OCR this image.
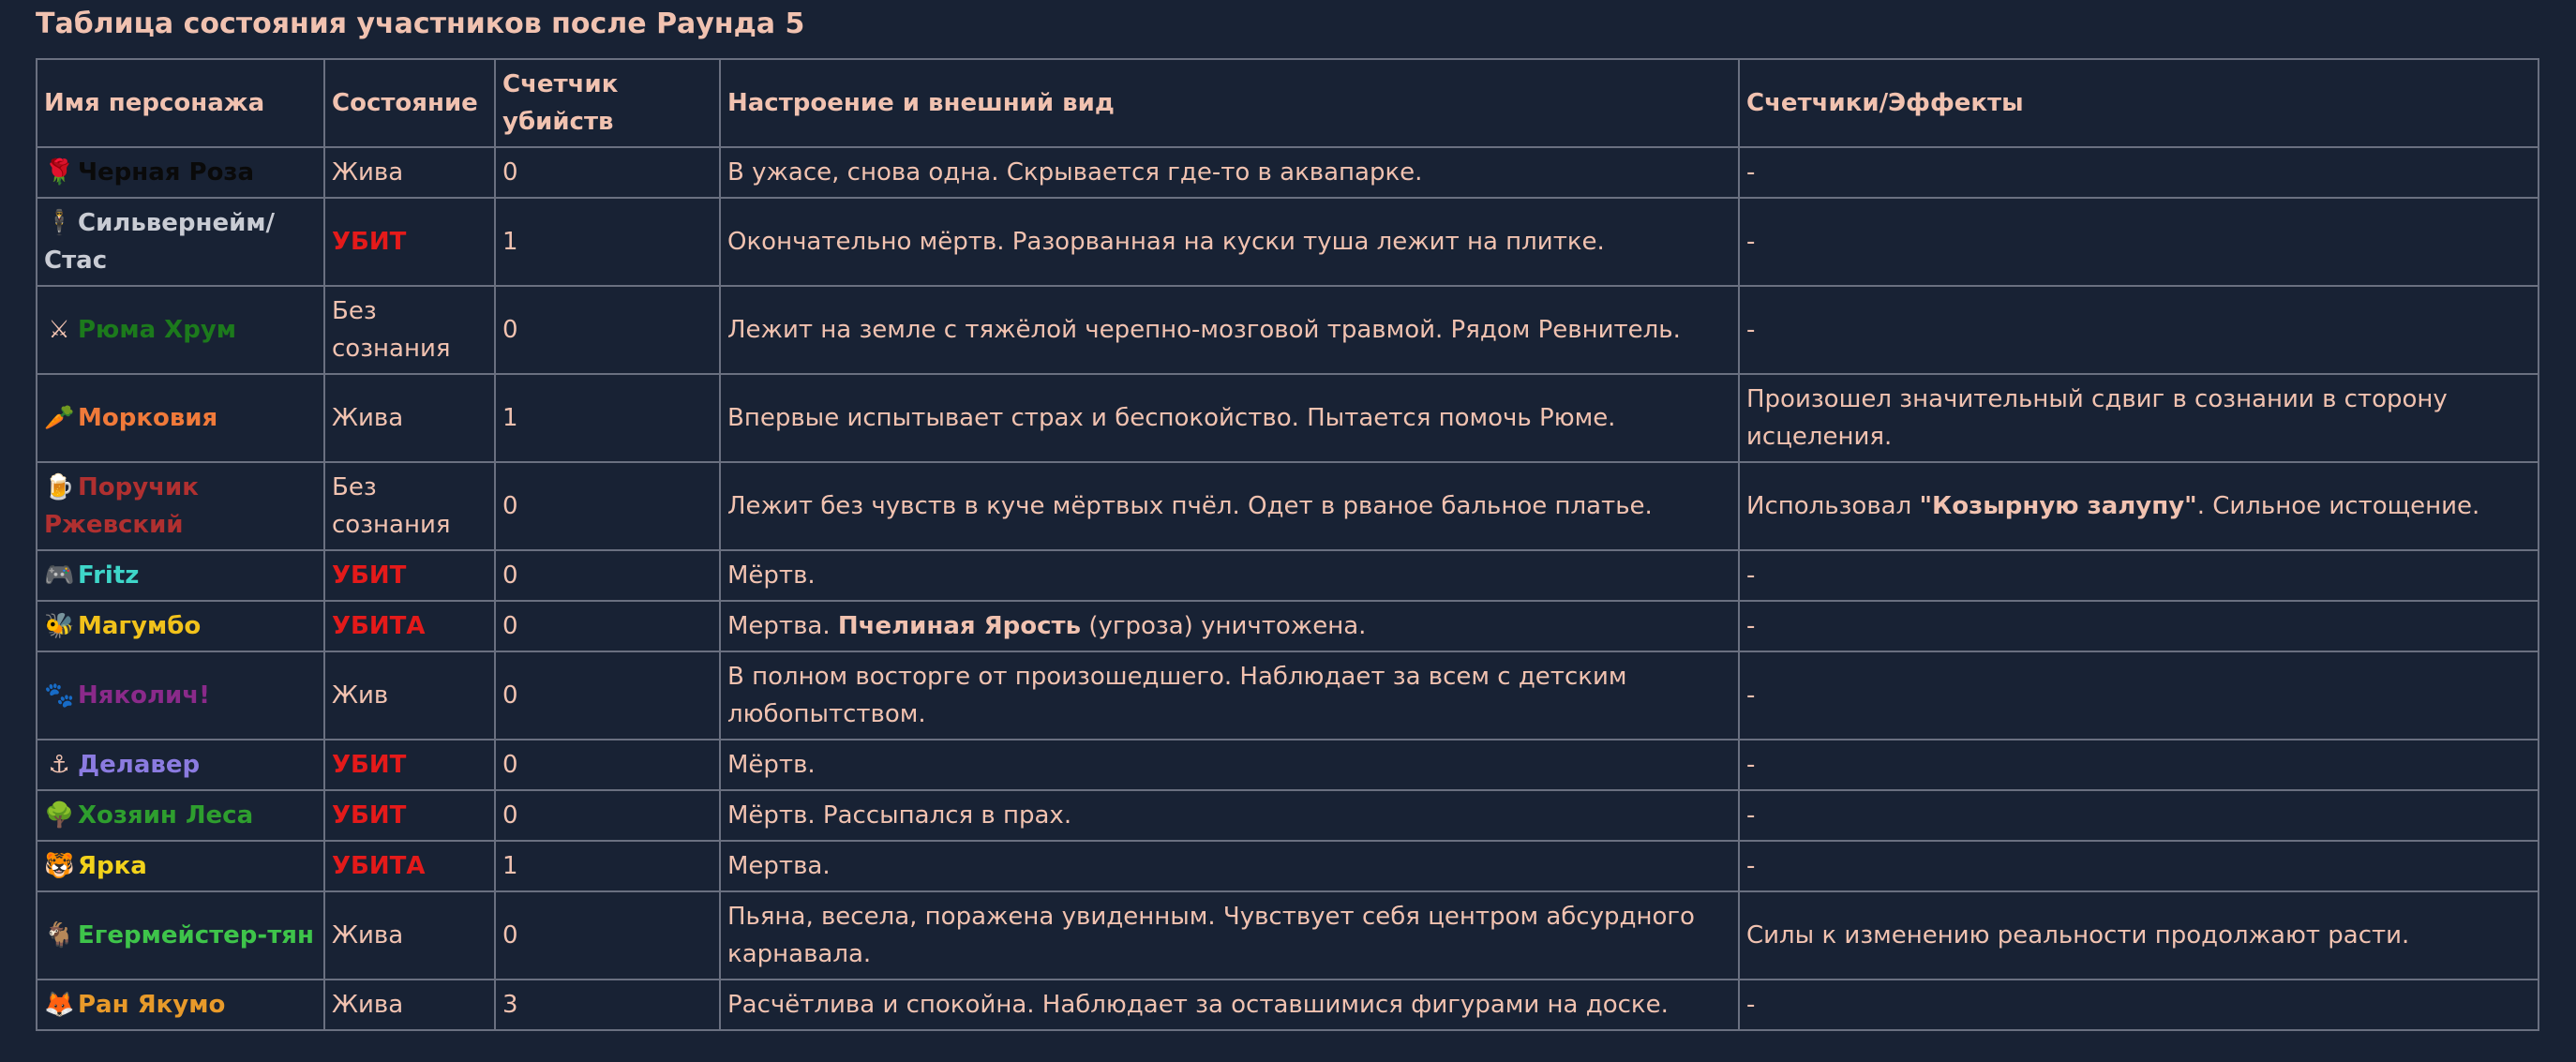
Таблица состояния участников после Раунда 5
Имя персонажа	Состояние	Счетчик убийств	Настроение и внешний вид	Счетчики/Эффекты
🌹 Черная Роза	Жива	0	В ужасе, снова одна. Скрывается где-то в аквапарке.	-
🕴 Сильвернейм/ Стас	УБИТ	1	Окончательно мёртв. Разорванная на куски туша лежит на плитке.	-
⚔ Рюма Хрум	Без сознания	0	Лежит на земле с тяжёлой черепно-мозговой травмой. Рядом Ревнитель.	-
🥕 Морковия	Жива	1	Впервые испытывает страх и беспокойство. Пытается помочь Рюме.	Произошел значительный сдвиг в сознании в сторону исцеления.
🍺 Поручик Ржевский	Без сознания	0	Лежит без чувств в куче мёртвых пчёл. Одет в рваное бальное платье.	Использовал "Козырную залупу". Сильное истощение.
🎮 Fritz	УБИТ	0	Мёртв.	-
🐝 Магумбо	УБИТА	0	Мертва. Пчелиная Ярость (угроза) уничтожена.	-
🐾 Няколич!	Жив	0	В полном восторге от произошедшего. Наблюдает за всем с детским любопытством.	-
⚓ Делавер	УБИТ	0	Мёртв.	-
🌳 Хозяин Леса	УБИТ	0	Мёртв. Рассыпался в прах.	-
🐯 Ярка	УБИТА	1	Мертва.	-
🐐 Егермейстер-тян	Жива	0	Пьяна, весела, поражена увиденным. Чувствует себя центром абсурдного карнавала.	Силы к изменению реальности продолжают расти.
🦊 Ран Якумо	Жива	3	Расчётлива и спокойна. Наблюдает за оставшимися фигурами на доске.	-
